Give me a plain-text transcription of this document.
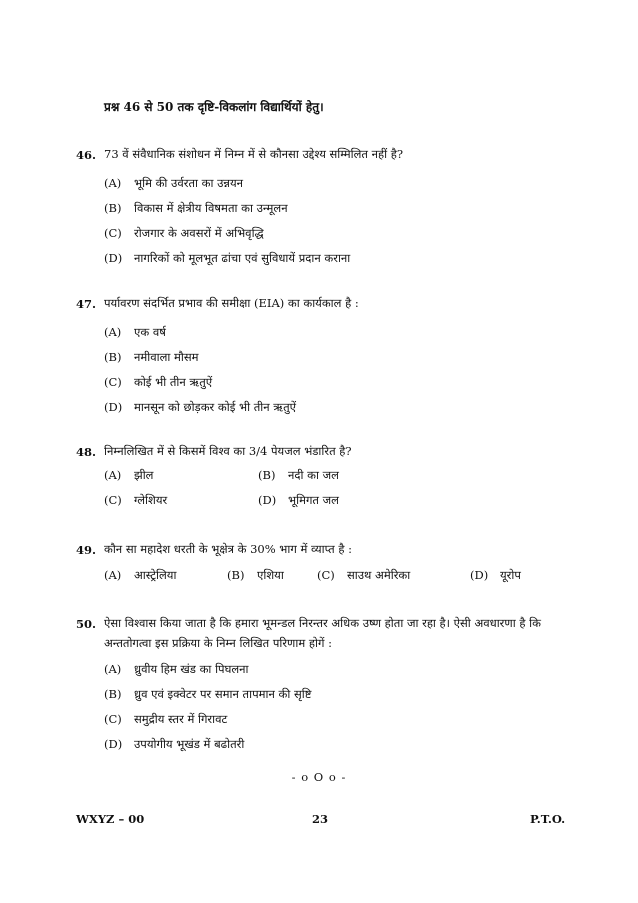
प्रश्न 46 से 50 तक दृष्टि-विकलांग विद्यार्थियों हेतु।
46. 73 वें संवैधानिक संशोधन में निम्न में से कौनसा उद्देश्य सम्मिलित नहीं है?
(A) भूमि की उर्वरता का उन्नयन
(B) विकास में क्षेत्रीय विषमता का उन्मूलन
(C) रोजगार के अवसरों में अभिवृद्धि
(D) नागरिकों को मूलभूत ढांचा एवं सुविधायें प्रदान कराना
47. पर्यावरण संदर्भित प्रभाव की समीक्षा (EIA) का कार्यकाल है :
(A) एक वर्ष
(B) नमीवाला मौसम
(C) कोई भी तीन ऋतुऐं
(D) मानसून को छोड़कर कोई भी तीन ऋतुऐं
48. निम्नलिखित में से किसमें विश्व का 3/4 पेयजल भंडारित है?
(A) झील	(B) नदी का जल
(C) ग्लेशियर	(D) भूमिगत जल
49. कौन सा महादेश धरती के भूक्षेत्र के 30% भाग में व्याप्त है :
(A) आस्ट्रेलिया	(B) एशिया	(C) साउथ अमेरिका	(D) यूरोप
50. ऐसा विश्वास किया जाता है कि हमारा भूमन्डल निरन्तर अधिक उष्ण होता जा रहा है। ऐसी अवधारणा है कि
अन्ततोगत्वा इस प्रक्रिया के निम्न लिखित परिणाम होगें :
(A) ध्रुवीय हिम खंड का पिघलना
(B) ध्रुव एवं इक्वेटर पर समान तापमान की सृष्टि
(C) समुद्रीय स्तर में गिरावट
(D) उपयोगीय भूखंड में बढोतरी
- o O o -
WXYZ – 00	23	P.T.O.
